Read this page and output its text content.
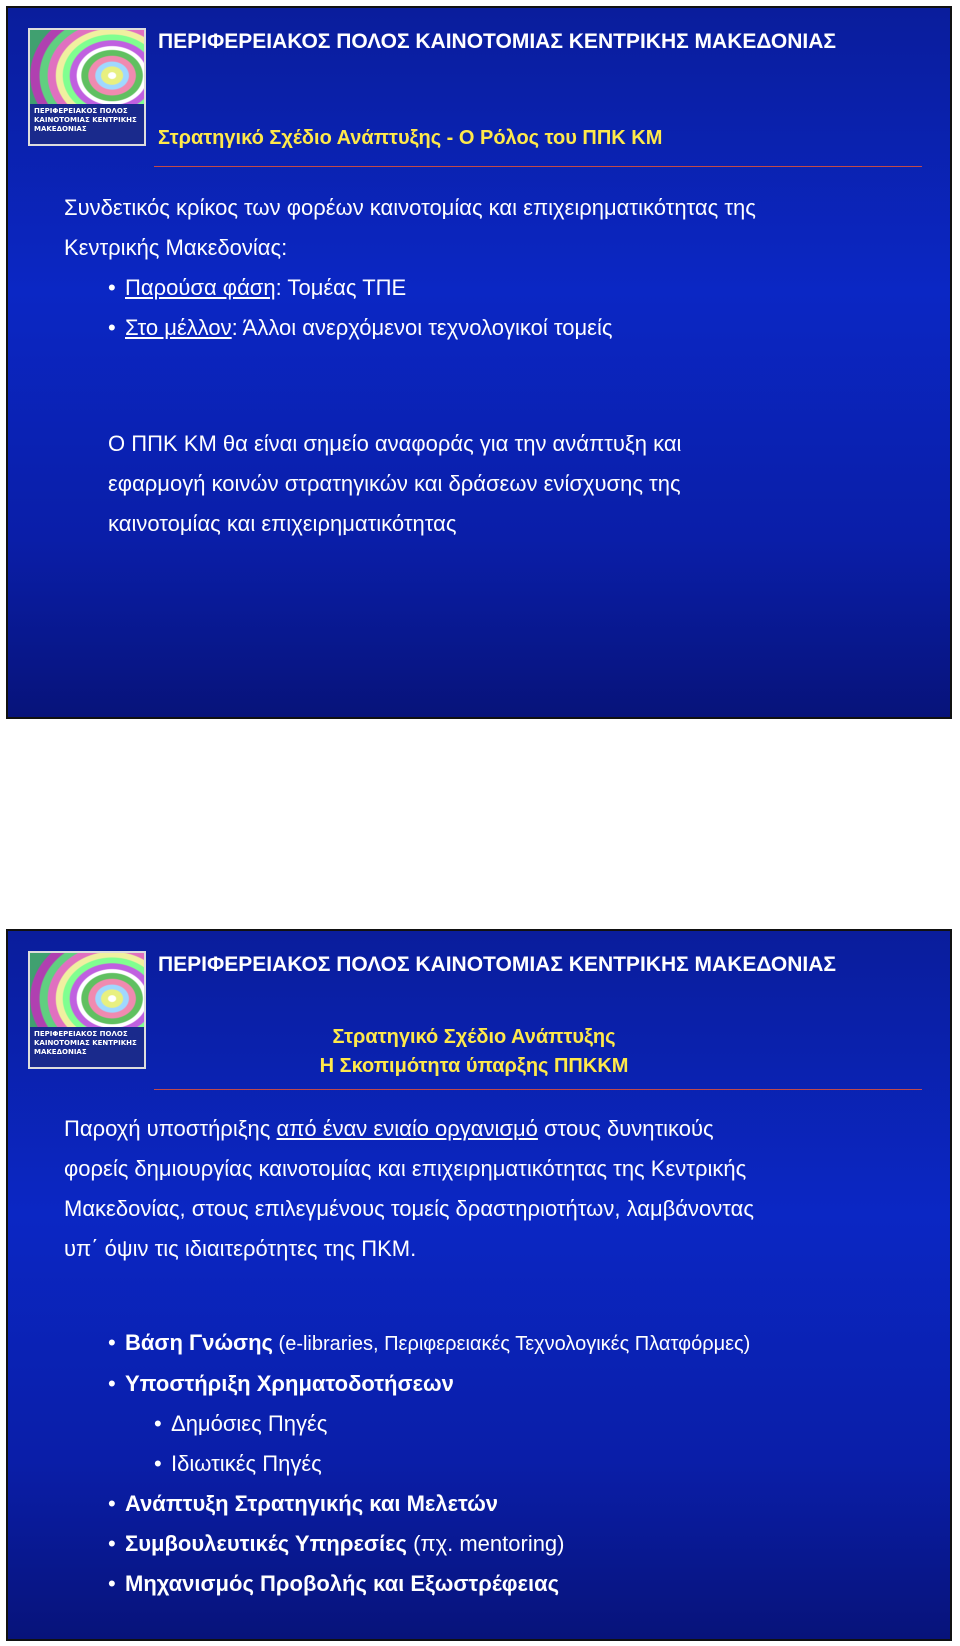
ΠΕΡΙΦΕΡΕΙΑΚΟΣ ΠΟΛΟΣ ΚΑΙΝΟΤΟΜΙΑΣ ΚΕΝΤΡΙΚΗΣ ΜΑΚΕΔΟΝΙΑΣ
ΠΕΡΙΦΕΡΕΙΑΚΟΣ ΠΟΛΟΣ ΚΑΙΝΟΤΟΜΙΑΣ ΚΕΝΤΡΙΚΗΣ ΜΑΚΕΔΟΝΙΑΣ
Στρατηγικό Σχέδιο Ανάπτυξης - Ο Ρόλος του ΠΠΚ ΚΜ
Συνδετικός κρίκος των φορέων καινοτομίας και επιχειρηματικότητας της
Κεντρικής Μακεδονίας:
• Παρούσα φάση: Τομέας ΤΠΕ
• Στο μέλλον: Άλλοι ανερχόμενοι τεχνολογικοί τομείς
Ο ΠΠΚ ΚΜ θα είναι σημείο αναφοράς για την ανάπτυξη και
εφαρμογή κοινών στρατηγικών και δράσεων ενίσχυσης της
καινοτομίας και επιχειρηματικότητας
ΠΕΡΙΦΕΡΕΙΑΚΟΣ ΠΟΛΟΣ ΚΑΙΝΟΤΟΜΙΑΣ ΚΕΝΤΡΙΚΗΣ ΜΑΚΕΔΟΝΙΑΣ
ΠΕΡΙΦΕΡΕΙΑΚΟΣ ΠΟΛΟΣ ΚΑΙΝΟΤΟΜΙΑΣ ΚΕΝΤΡΙΚΗΣ ΜΑΚΕΔΟΝΙΑΣ
Στρατηγικό Σχέδιο Ανάπτυξης
Η Σκοπιμότητα ύπαρξης ΠΠΚΚΜ
Παροχή υποστήριξης από έναν ενιαίο οργανισμό στους δυνητικούς
φορείς δημιουργίας καινοτομίας και επιχειρηματικότητας της Κεντρικής
Μακεδονίας, στους επιλεγμένους τομείς δραστηριοτήτων, λαμβάνοντας
υπ΄ όψιν τις ιδιαιτερότητες της ΠΚΜ.
• Βάση Γνώσης (e-libraries, Περιφερειακές Τεχνολογικές Πλατφόρμες)
• Υποστήριξη Χρηματοδοτήσεων
• Δημόσιες Πηγές
• Ιδιωτικές Πηγές
• Ανάπτυξη Στρατηγικής και Μελετών
• Συμβουλευτικές Υπηρεσίες (πχ. mentoring)
• Μηχανισμός Προβολής και Εξωστρέφειας
